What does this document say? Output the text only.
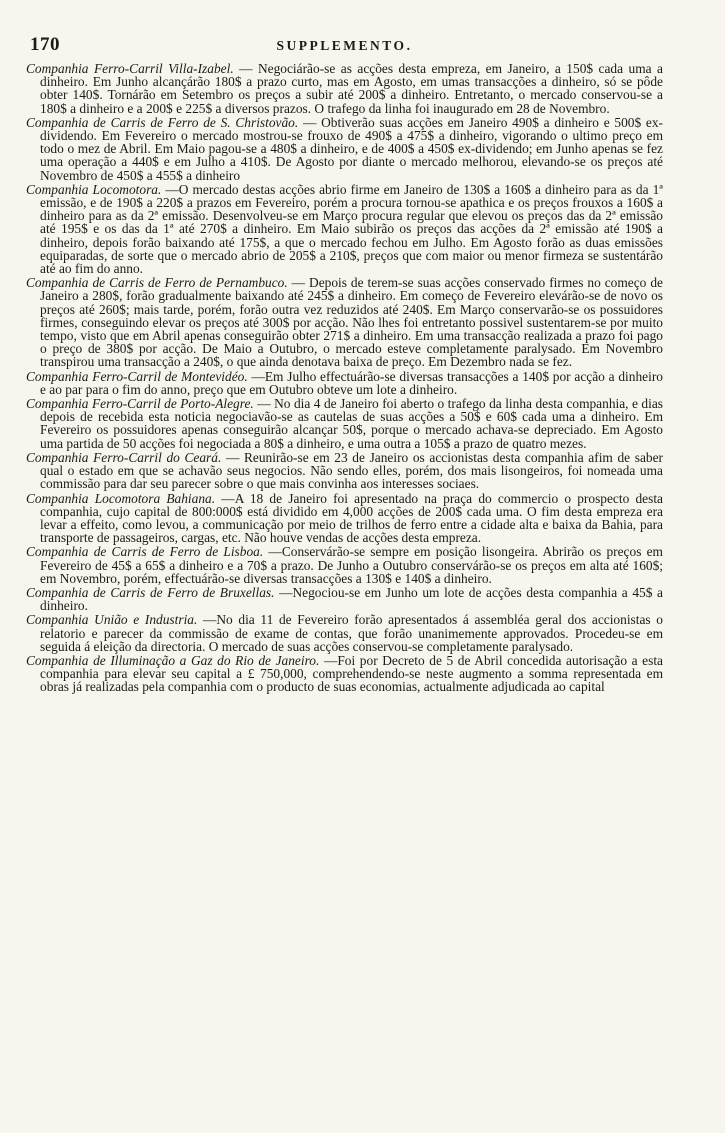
170	SUPPLEMENTO.

Companhia Ferro-Carril Villa-Izabel. — Negociárão-se as acções desta empreza, em Janeiro, a 150$ cada uma a dinheiro. Em Junho alcançárão 180$ a prazo curto, mas em Agosto, em umas transacções a dinheiro, só se pôde obter 140$. Tornárão em Setembro os preços a subir até 200$ a dinheiro. Entretanto, o mercado conservou-se a 180$ a dinheiro e a 200$ e 225$ a diversos prazos. O trafego da linha foi inaugurado em 28 de Novembro.

Companhia de Carris de Ferro de S. Christovão. — Obtiverão suas acções em Janeiro 490$ a dinheiro e 500$ ex-dividendo. Em Fevereiro o mercado mostrou-se frouxo de 490$ a 475$ a dinheiro, vigorando o ultimo preço em todo o mez de Abril. Em Maio pagou-se a 480$ a dinheiro, e de 400$ a 450$ ex-dividendo; em Junho apenas se fez uma operação a 440$ e em Julho a 410$. De Agosto por diante o mercado melhorou, elevando-se os preços até Novembro de 450$ a 455$ a dinheiro

Companhia Locomotora. —O mercado destas acções abrio firme em Janeiro de 130$ a 160$ a dinheiro para as da 1ª emissão, e de 190$ a 220$ a prazos em Fevereiro, porém a procura tornou-se apathica e os preços frouxos a 160$ a dinheiro para as da 2ª emissão. Desenvolveu-se em Março procura regular que elevou os preços das da 2ª emissão até 195$ e os das da 1ª até 270$ a dinheiro. Em Maio subirão os preços das acções da 2ª emissão até 190$ a dinheiro, depois forão baixando até 175$, a que o mercado fechou em Julho. Em Agosto forão as duas emissões equiparadas, de sorte que o mercado abrio de 205$ a 210$, preços que com maior ou menor firmeza se sustentárão até ao fim do anno.

Companhia de Carris de Ferro de Pernambuco. — Depois de terem-se suas acções conservado firmes no começo de Janeiro a 280$, forão gradualmente baixando até 245$ a dinheiro. Em começo de Fevereiro elevárão-se de novo os preços até 260$; mais tarde, porém, forão outra vez reduzidos até 240$. Em Março conservarão-se os possuidores firmes, conseguindo elevar os preços até 300$ por acção. Não lhes foi entretanto possivel sustentarem-se por muito tempo, visto que em Abril apenas conseguirão obter 271$ a dinheiro. Em uma transacção realizada a prazo foi pago o preço de 380$ por acção. De Maio a Outubro, o mercado esteve completamente paralysado. Em Novembro transpirou uma transacção a 240$, o que ainda denotava baixa de preço. Em Dezembro nada se fez.

Companhia Ferro-Carril de Montevidéo. —Em Julho effectuárão-se diversas transacções a 140$ por acção a dinheiro e ao par para o fim do anno, preço que em Outubro obteve um lote a dinheiro.

Companhia Ferro-Carril de Porto-Alegre. — No dia 4 de Janeiro foi aberto o trafego da linha desta companhia, e dias depois de recebida esta noticia negociavão-se as cautelas de suas acções a 50$ e 60$ cada uma a dinheiro. Em Fevereiro os possuidores apenas conseguirão alcançar 50$, porque o mercado achava-se depreciado. Em Agosto uma partida de 50 acções foi negociada a 80$ a dinheiro, e uma outra a 105$ a prazo de quatro mezes.

Companhia Ferro-Carril do Ceará. — Reunirão-se em 23 de Janeiro os accionistas desta companhia afim de saber qual o estado em que se achavão seus negocios. Não sendo elles, porém, dos mais lisongeiros, foi nomeada uma commissão para dar seu parecer sobre o que mais convinha aos interesses sociaes.

Companhia Locomotora Bahiana. —A 18 de Janeiro foi apresentado na praça do commercio o prospecto desta companhia, cujo capital de 800:000$ está dividido em 4,000 acções de 200$ cada uma. O fim desta empreza era levar a effeito, como levou, a communicação por meio de trilhos de ferro entre a cidade alta e baixa da Bahia, para transporte de passageiros, cargas, etc. Não houve vendas de acções desta empreza.

Companhia de Carris de Ferro de Lisboa. —Conservárão-se sempre em posição lisongeira. Abrirão os preços em Fevereiro de 45$ a 65$ a dinheiro e a 70$ a prazo. De Junho a Outubro conservárão-se os preços em alta até 160$; em Novembro, porém, effectuárão-se diversas transacções a 130$ e 140$ a dinheiro.

Companhia de Carris de Ferro de Bruxellas. —Negociou-se em Junho um lote de acções desta companhia a 45$ a dinheiro.

Companhia União e Industria. —No dia 11 de Fevereiro forão apresentados á assembléa geral dos accionistas o relatorio e parecer da commissão de exame de contas, que forão unanimemente approvados. Procedeu-se em seguida á eleição da directoria. O mercado de suas acções conservou-se completamente paralysado.

Companhia de Illuminação a Gaz do Rio de Janeiro. —Foi por Decreto de 5 de Abril concedida autorisação a esta companhia para elevar seu capital a £ 750,000, comprehendendo-se neste augmento a somma representada em obras já realizadas pela companhia com o producto de suas economias, actualmente adjudicada ao capital
